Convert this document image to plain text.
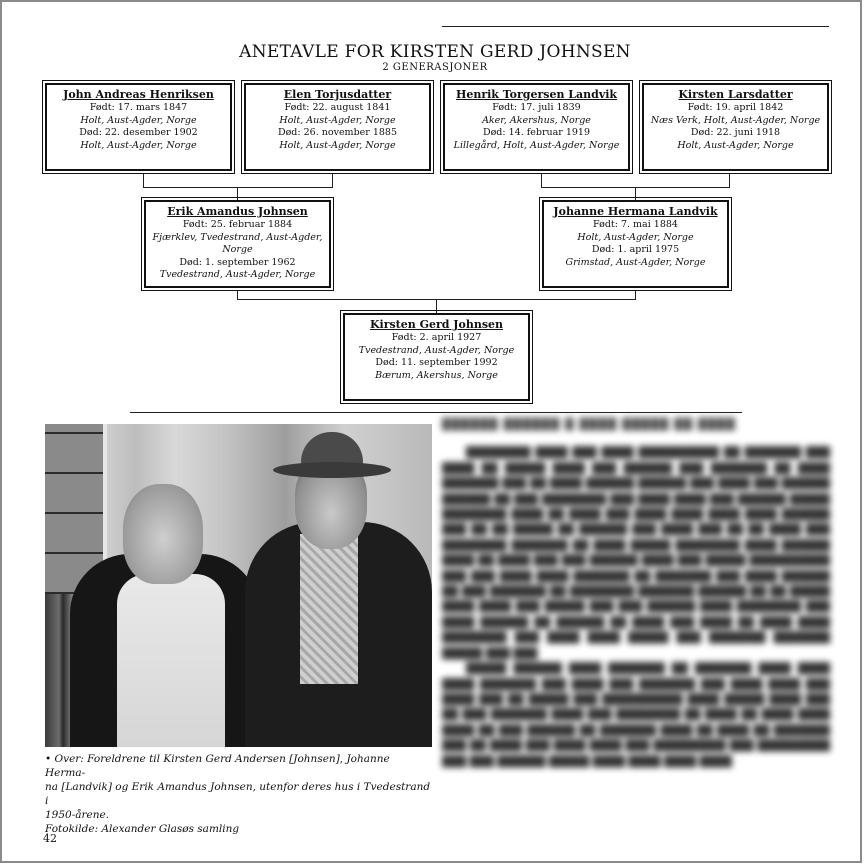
ANETAVLE FOR KIRSTEN GERD JOHNSEN
2 GENERASJONER
John Andreas Henriksen
Født: 17. mars 1847
Holt, Aust-Agder, Norge
Død: 22. desember 1902
Holt, Aust-Agder, Norge
Elen Torjusdatter
Født: 22. august 1841
Holt, Aust-Agder, Norge
Død: 26. november 1885
Holt, Aust-Agder, Norge
Henrik Torgersen Landvik
Født: 17. juli 1839
Aker, Akershus, Norge
Død: 14. februar 1919
Lillegård, Holt, Aust-Agder, Norge
Kirsten Larsdatter
Født: 19. april 1842
Næs Verk, Holt, Aust-Agder, Norge
Død: 22. juni 1918
Holt, Aust-Agder, Norge
Erik Amandus Johnsen
Født: 25. februar 1884
Fjærklev, Tvedestrand, Aust-Agder, Norge
Død: 1. september 1962
Tvedestrand, Aust-Agder, Norge
Johanne Hermana Landvik
Født: 7. mai 1884
Holt, Aust-Agder, Norge
Død: 1. april 1975
Grimstad, Aust-Agder, Norge
Kirsten Gerd Johnsen
Født: 2. april 1927
Tvedestrand, Aust-Agder, Norge
Død: 11. september 1992
Bærum, Akershus, Norge
• Over: Foreldrene til Kirsten Gerd Andersen [Johnsen], Johanne Herma-
na [Landvik] og Erik Amandus Johnsen, utenfor deres hus i Tvedestrand i
1950-årene.
Fotokilde: Alexander Glasøs samling
██████ ██████ █ ████ █████ ██ ████

████████ ████ ███ ████ ██████████ ██ ███████ ███ ████ ██ █████ ████ ███ ██████ ███ ███████ ██ ████ ███████ ███ ██ ████ ██████ ██████ ███ ████ ███ ██████ ██████ ██ ███ ████████ ███ ████ ████ ███ ██████ █████ ████████ ████ ██ ████ ███ ████ ████ ████ ████ ██████ ███ ██ ██ █████ ██ ██████ ███ ████ ███ ██ ██ ████ ███ ████████ ███████ ██ ████ █████ ████████ ████ ██████ ████ ██ ████ ███ ███ ██████ ████ ███ █████ ██████████ ███ ███ ████ ████ ███████ ██ ███████ ███ ████ ██████ ██ ███ ███████ ██ ████████ ███████ ██████ ██ ██ █████ ████ ████ ███ █████ ███ ███ ██████ ████ ████████ ███ ████ ██████ ██ ██████ ██ ████ ███ ████ ██ ████ ████ ████████ ███ ████ ████ █████ ███ ███████ ███████ █████ ███ ███

█████ ██████ ████ ███████ ██ ███████ ████ ████ ████ ███████ ███ ████ ███ ███████ ███ ████ ████ ███ ████ ███ ██ █████ ███ ██████████ ████ █████ ████ ███ ██ ███ ███████ ████ ███ ████████ ██ ████ ██ ████ ████ ████ ██ ███ ██████ ██ ███████ ████ ██ ████ ██ ███████ ███ ██ ████ ███ ████ ████ ███ █████████ ███ █████████ ███ ███ ██████ █████ ████ ████ ████ ████

42
